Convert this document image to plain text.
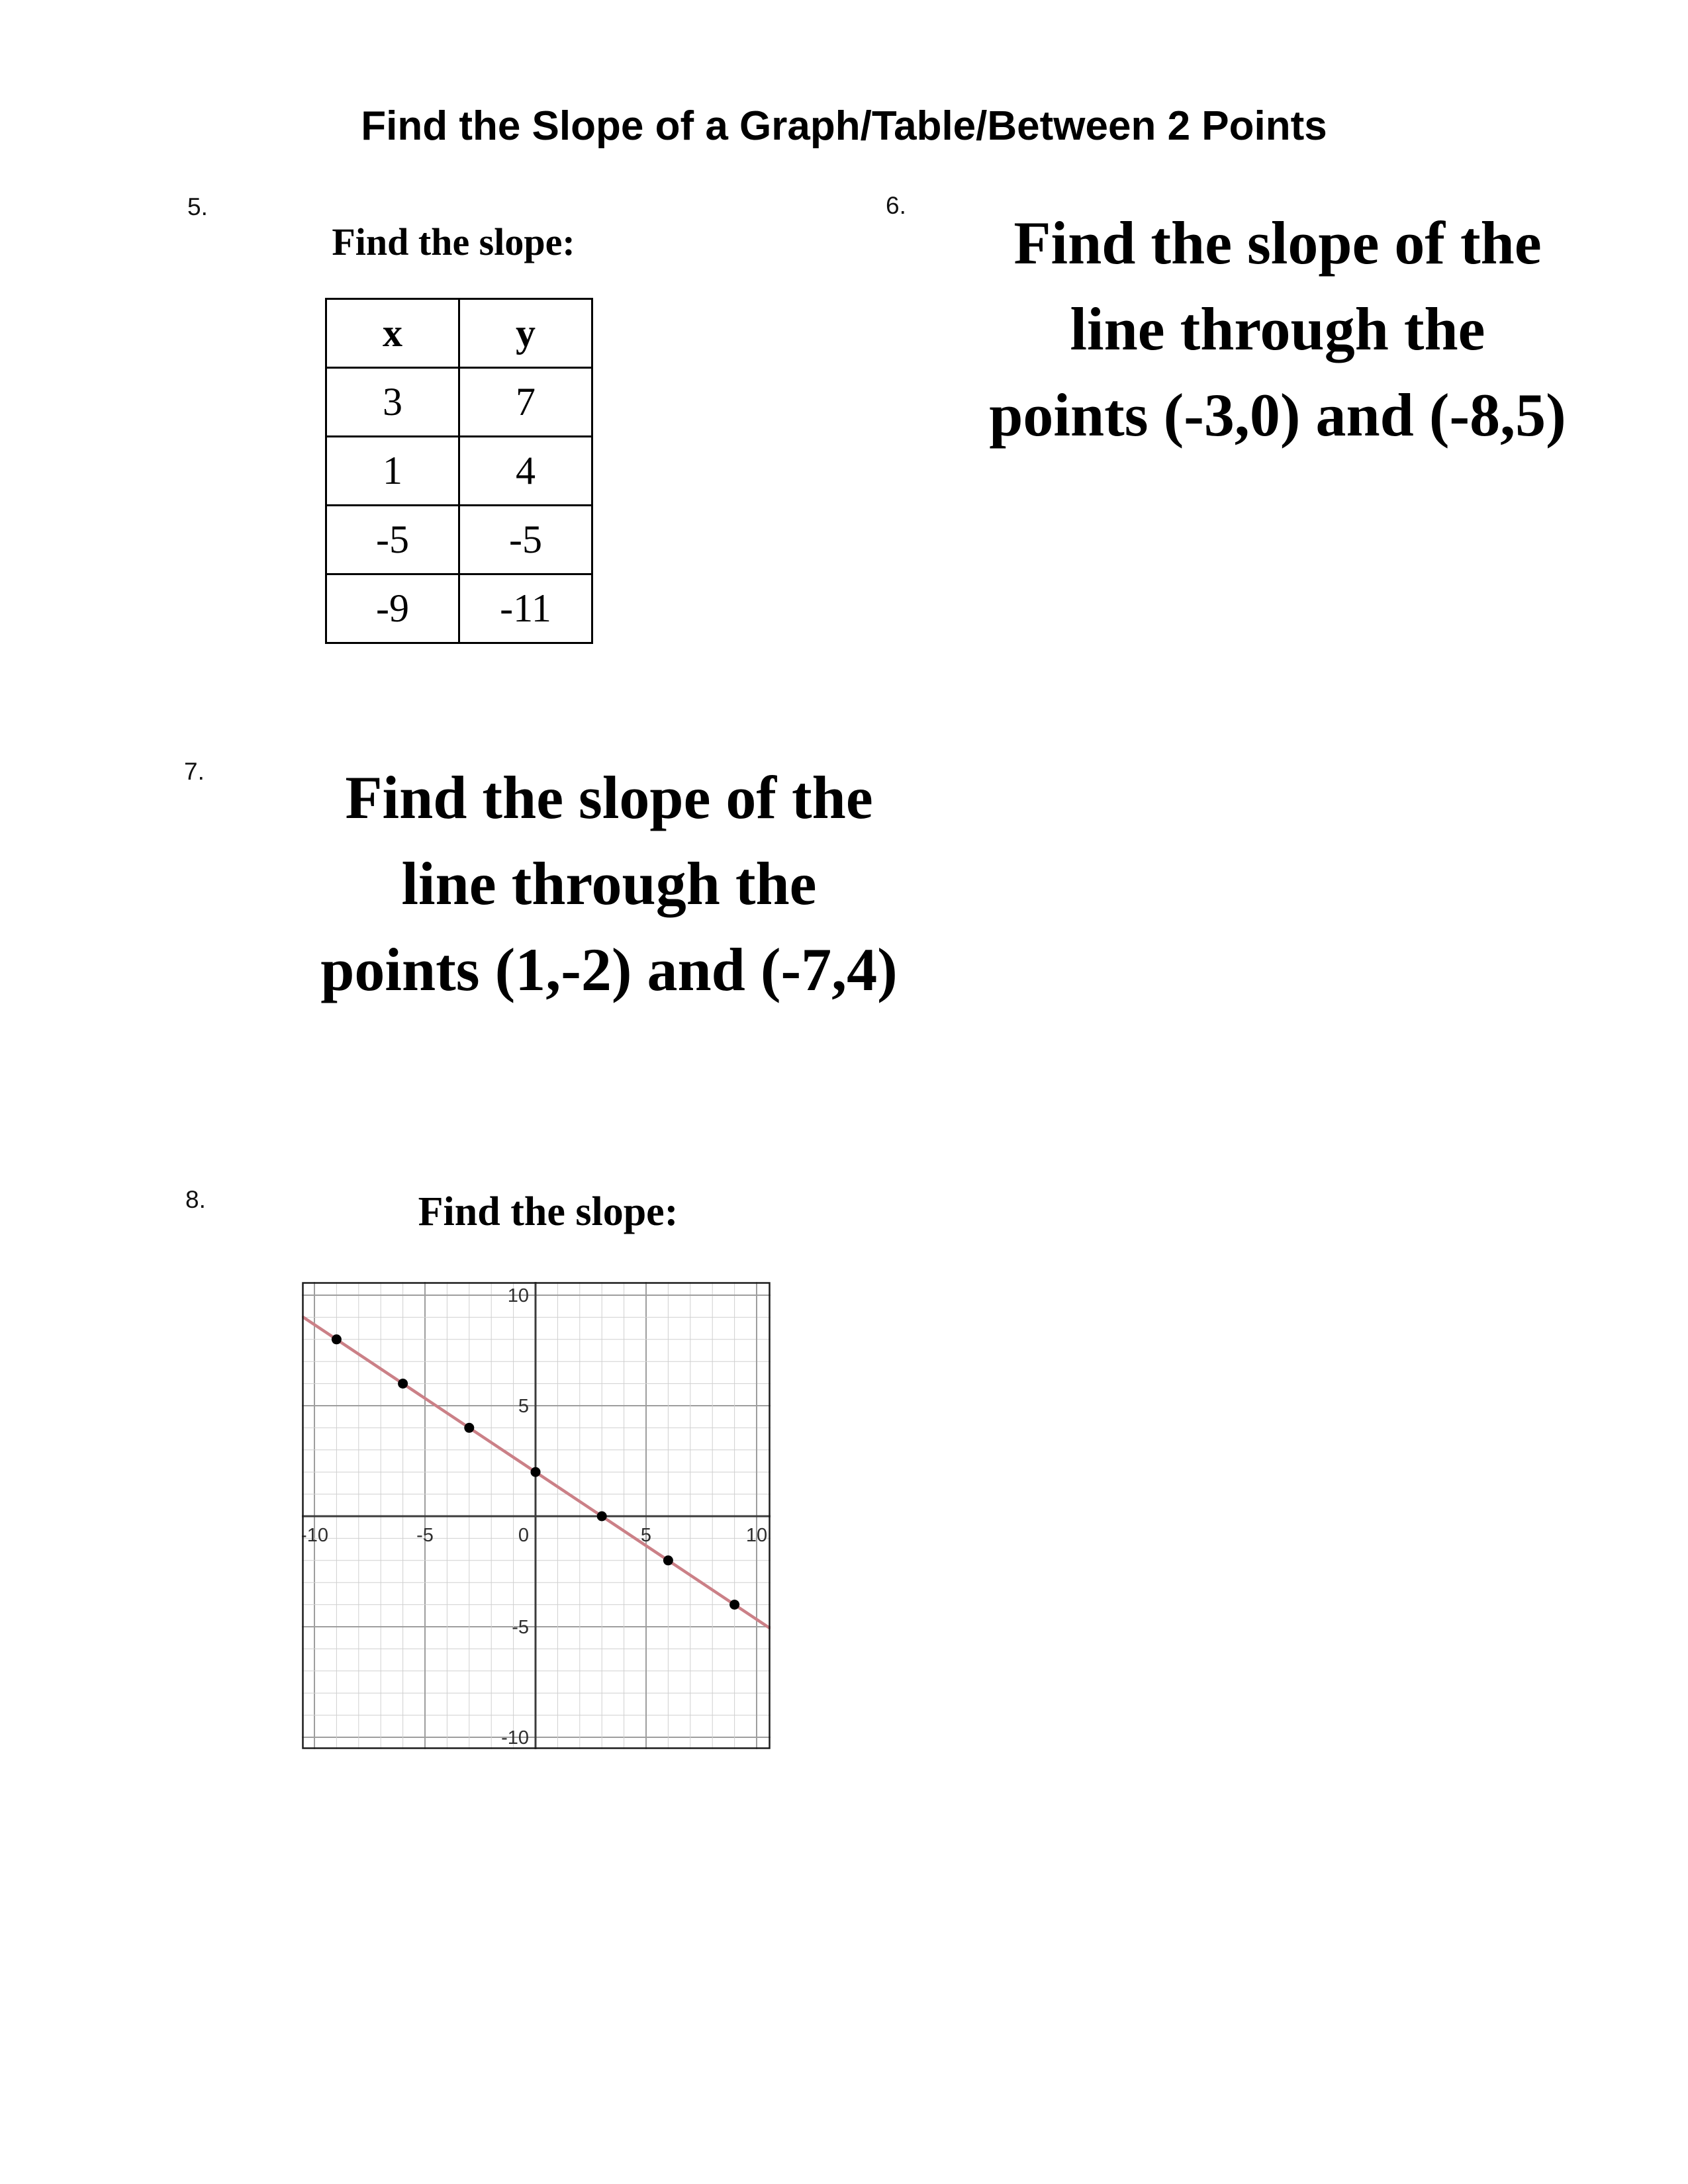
Find the Slope of a Graph/Table/Between 2 Points
5.
Find the slope:
x	y
3	7
1	4
-5	-5
-9	-11
6.
Find the slope of the
line through the
points (-3,0) and (-8,5)
7.	Find the slope of the
line through the
points (1,-2) and (-7,4)
8.	Find the slope:
-10	-5	0	5	10
-10
-5
5
10
